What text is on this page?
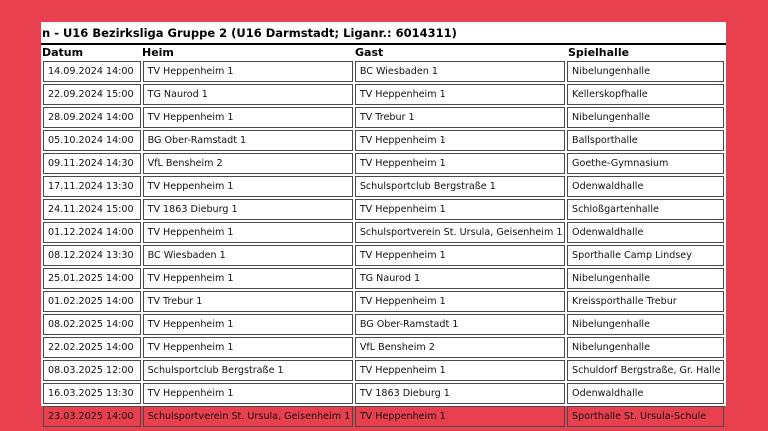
n - U16 Bezirksliga Gruppe 2 (U16 Darmstadt; Liganr.: 6014311)
Datum	Heim	Gast	Spielhalle
14.09.2024 14:00	TV Heppenheim 1	BC Wiesbaden 1	Nibelungenhalle
22.09.2024 15:00	TG Naurod 1	TV Heppenheim 1	Kellerskopfhalle
28.09.2024 14:00	TV Heppenheim 1	TV Trebur 1	Nibelungenhalle
05.10.2024 14:00	BG Ober-Ramstadt 1	TV Heppenheim 1	Ballsporthalle
09.11.2024 14:30	VfL Bensheim 2	TV Heppenheim 1	Goethe-Gymnasium
17.11.2024 13:30	TV Heppenheim 1	Schulsportclub Bergstraße 1	Odenwaldhalle
24.11.2024 15:00	TV 1863 Dieburg 1	TV Heppenheim 1	Schloßgartenhalle
01.12.2024 14:00	TV Heppenheim 1	Schulsportverein St. Ursula, Geisenheim 1	Odenwaldhalle
08.12.2024 13:30	BC Wiesbaden 1	TV Heppenheim 1	Sporthalle Camp Lindsey
25.01.2025 14:00	TV Heppenheim 1	TG Naurod 1	Nibelungenhalle
01.02.2025 14:00	TV Trebur 1	TV Heppenheim 1	Kreissporthalle Trebur
08.02.2025 14:00	TV Heppenheim 1	BG Ober-Ramstadt 1	Nibelungenhalle
22.02.2025 14:00	TV Heppenheim 1	VfL Bensheim 2	Nibelungenhalle
08.03.2025 12:00	Schulsportclub Bergstraße 1	TV Heppenheim 1	Schuldorf Bergstraße, Gr. Halle
16.03.2025 13:30	TV Heppenheim 1	TV 1863 Dieburg 1	Odenwaldhalle
23.03.2025 14:00	Schulsportverein St. Ursula, Geisenheim 1	TV Heppenheim 1	Sporthalle St. Ursula-Schule
